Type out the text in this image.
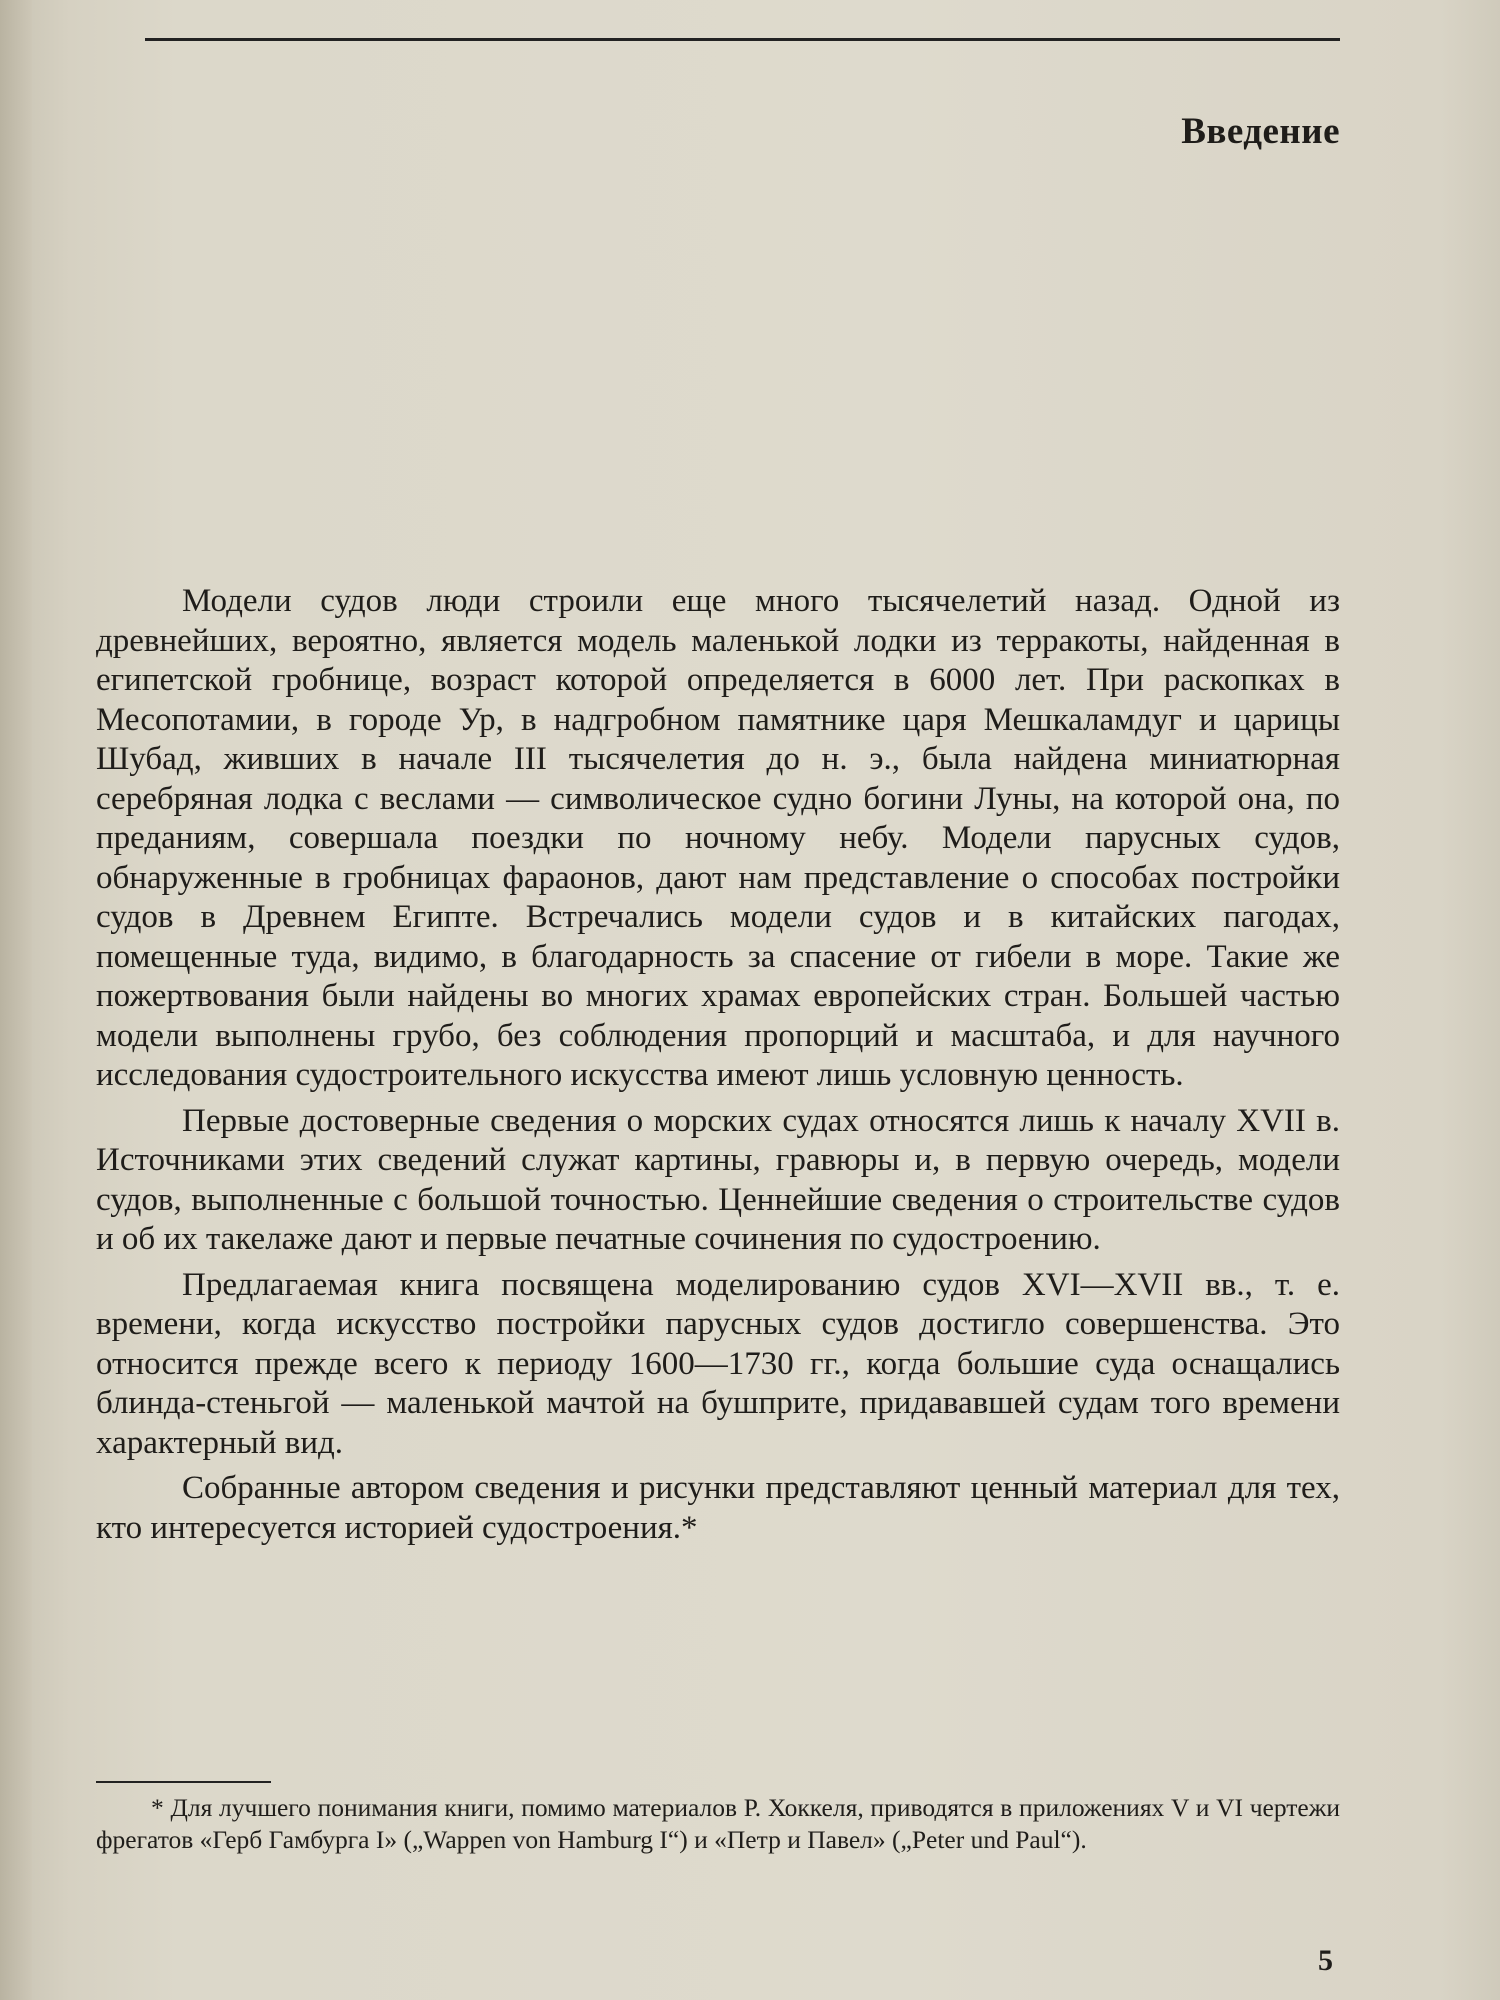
Введение

Модели судов люди строили еще много тысячелетий назад. Одной из древнейших, вероятно, является модель маленькой лодки из терракоты, найденная в египетской гробнице, возраст которой определяется в 6000 лет. При раскопках в Месопотамии, в городе Ур, в надгробном памятнике царя Мешкаламдуг и царицы Шубад, живших в начале III тысячелетия до н. э., была найдена миниатюрная серебряная лодка с веслами — символическое судно богини Луны, на которой она, по преданиям, совершала поездки по ночному небу. Модели парусных судов, обнаруженные в гробницах фараонов, дают нам представление о способах постройки судов в Древнем Египте. Встречались модели судов и в китайских пагодах, помещенные туда, видимо, в благодарность за спасение от гибели в море. Такие же пожертвования были найдены во многих храмах европейских стран. Большей частью модели выполнены грубо, без соблюдения пропорций и масштаба, и для научного исследования судостроительного искусства имеют лишь условную ценность.

Первые достоверные сведения о морских судах относятся лишь к началу XVII в. Источниками этих сведений служат картины, гравюры и, в первую очередь, модели судов, выполненные с большой точностью. Ценнейшие сведения о строительстве судов и об их такелаже дают и первые печатные сочинения по судостроению.

Предлагаемая книга посвящена моделированию судов XVI—XVII вв., т. е. времени, когда искусство постройки парусных судов достигло совершенства. Это относится прежде всего к периоду 1600—1730 гг., когда большие суда оснащались блинда-стеньгой — маленькой мачтой на бушприте, придававшей судам того времени характерный вид.

Собранные автором сведения и рисунки представляют ценный материал для тех, кто интересуется историей судостроения.*

* Для лучшего понимания книги, помимо материалов Р. Хоккеля, приводятся в приложениях V и VI чертежи фрегатов «Герб Гамбурга I» („Wappen von Hamburg I“) и «Петр и Павел» („Peter und Paul“).

5
